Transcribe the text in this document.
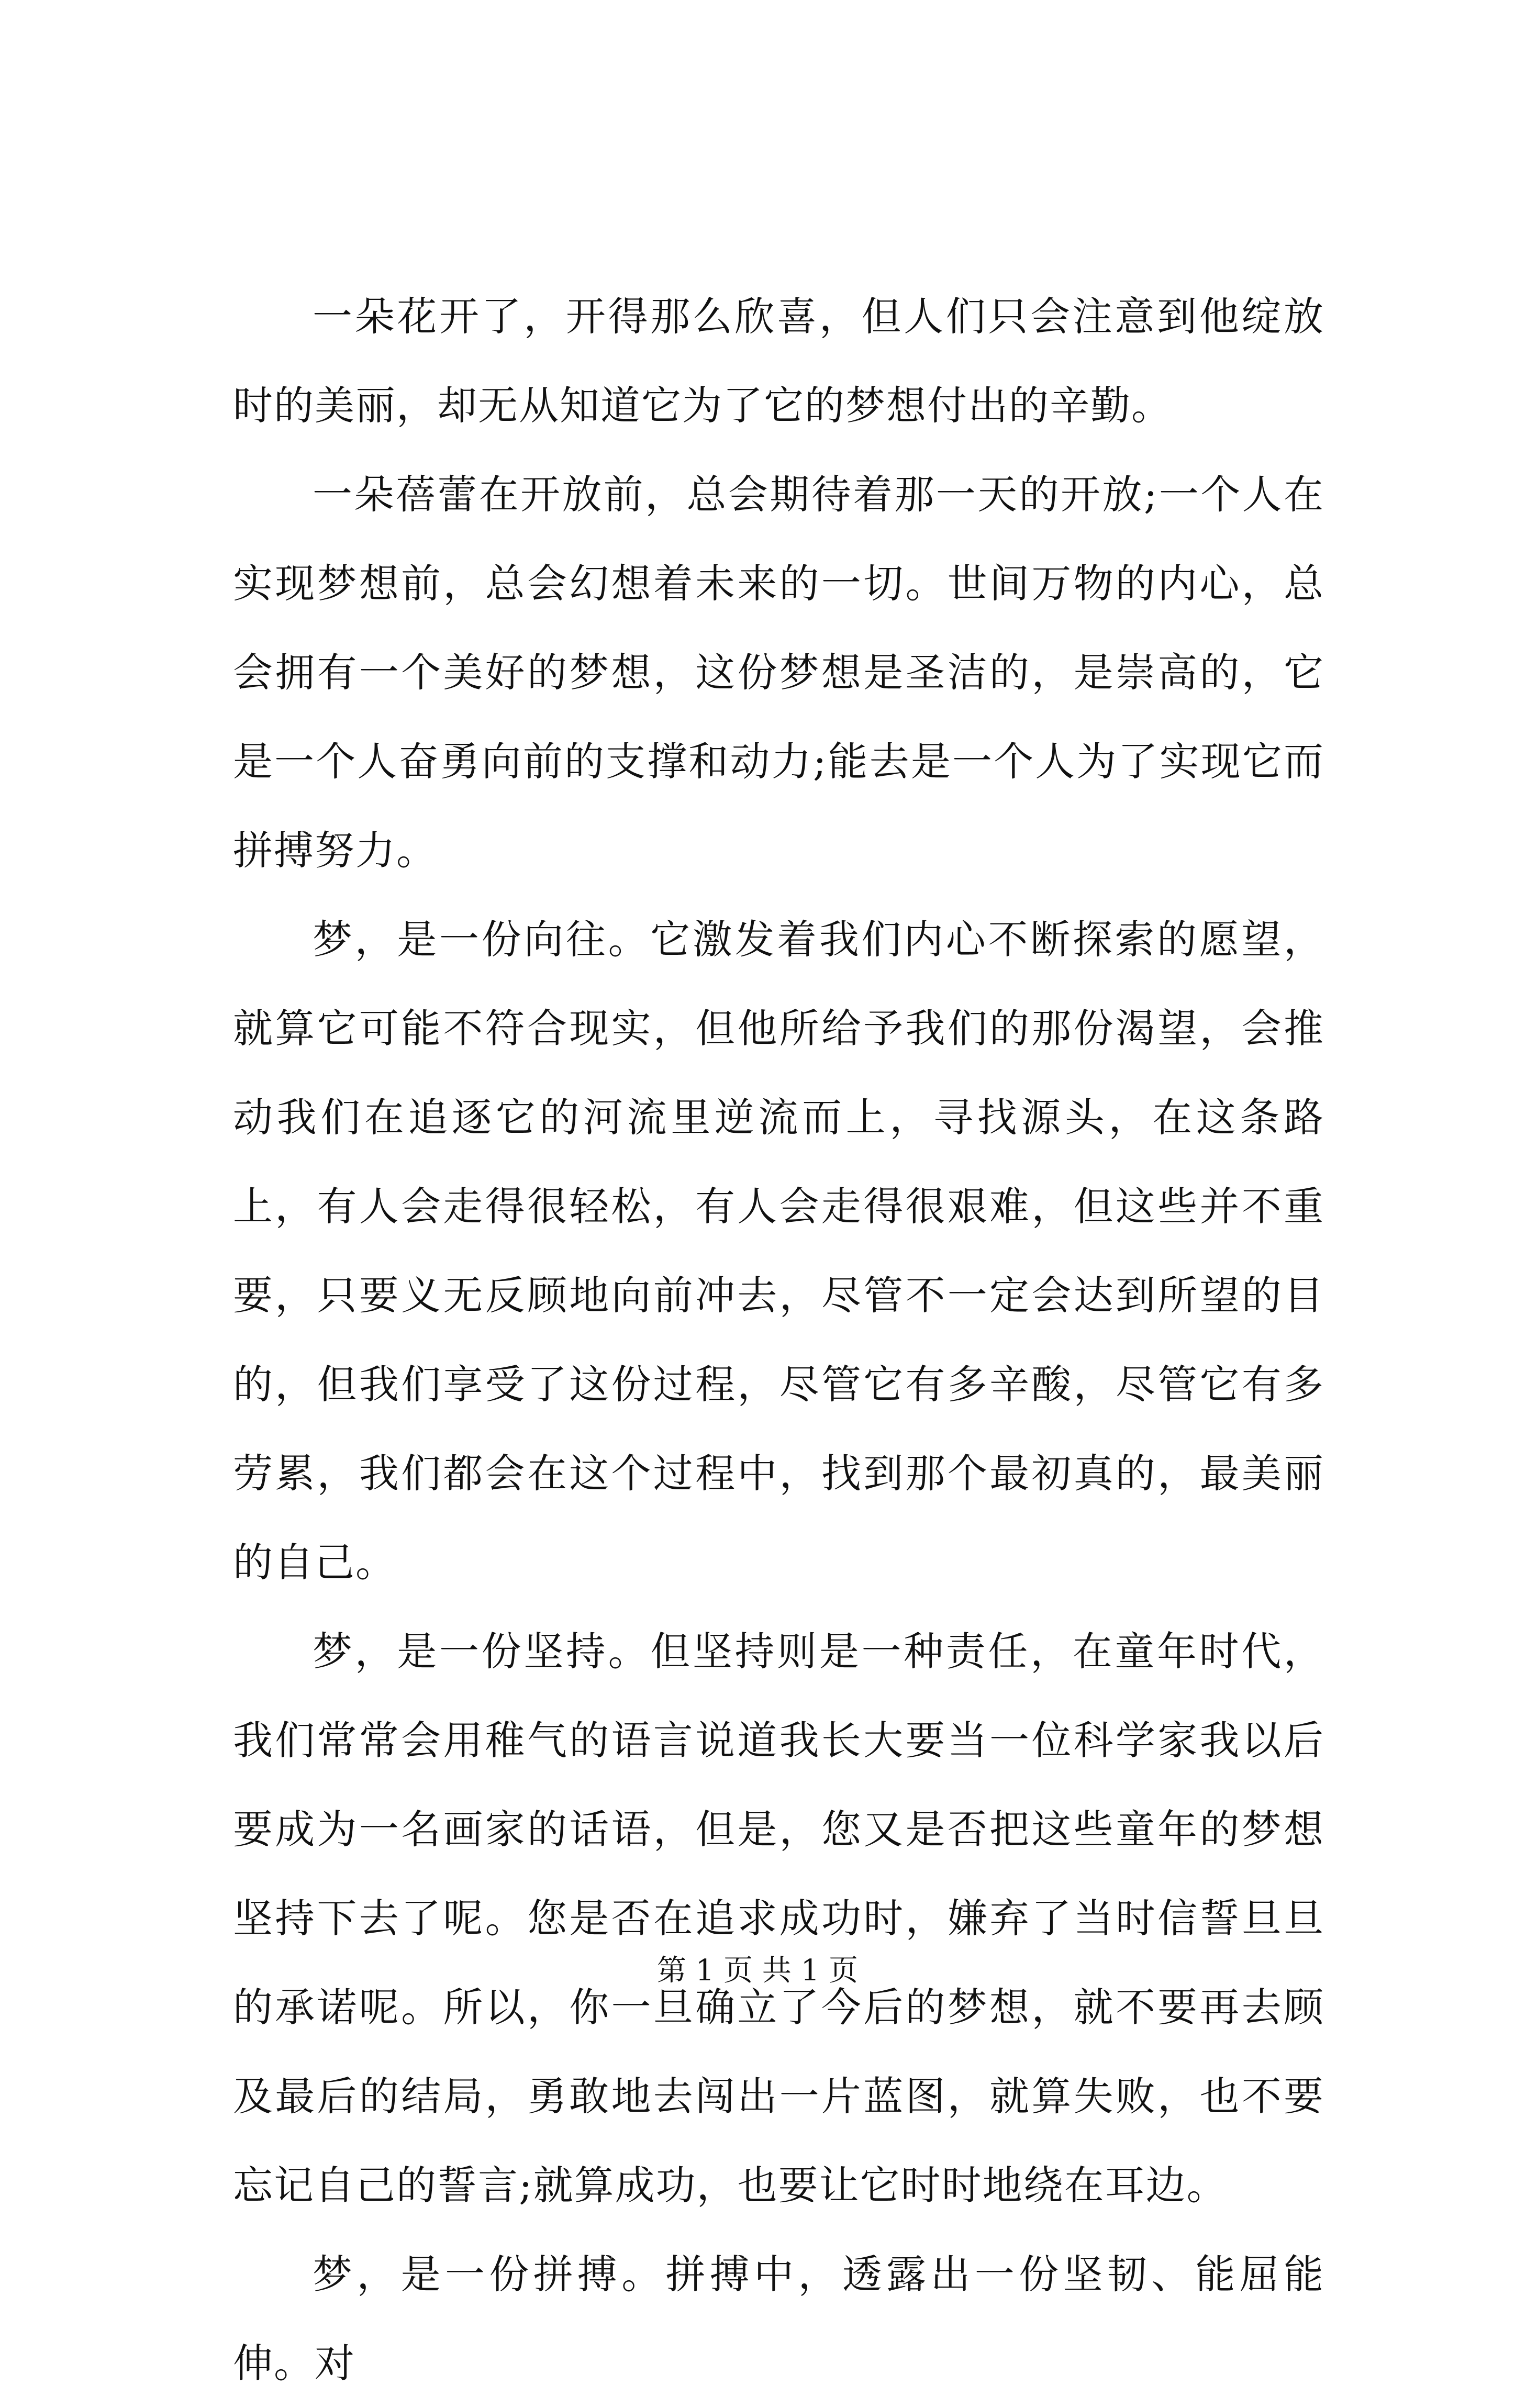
一朵花开了，开得那么欣喜，但人们只会注意到他绽放时的美丽，却无从知道它为了它的梦想付出的辛勤。

一朵蓓蕾在开放前，总会期待着那一天的开放;一个人在实现梦想前，总会幻想着未来的一切。世间万物的内心，总会拥有一个美好的梦想，这份梦想是圣洁的，是崇高的，它是一个人奋勇向前的支撑和动力;能去是一个人为了实现它而拼搏努力。

梦，是一份向往。它激发着我们内心不断探索的愿望，就算它可能不符合现实，但他所给予我们的那份渴望，会推动我们在追逐它的河流里逆流而上，寻找源头，在这条路上，有人会走得很轻松，有人会走得很艰难，但这些并不重要，只要义无反顾地向前冲去，尽管不一定会达到所望的目的，但我们享受了这份过程，尽管它有多辛酸，尽管它有多劳累，我们都会在这个过程中，找到那个最初真的，最美丽的自己。

梦，是一份坚持。但坚持则是一种责任，在童年时代，我们常常会用稚气的语言说道我长大要当一位科学家我以后要成为一名画家的话语，但是，您又是否把这些童年的梦想坚持下去了呢。您是否在追求成功时，嫌弃了当时信誓旦旦的承诺呢。所以，你一旦确立了今后的梦想，就不要再去顾及最后的结局，勇敢地去闯出一片蓝图，就算失败，也不要忘记自己的誓言;就算成功，也要让它时时地绕在耳边。

梦，是一份拼搏。拼搏中，透露出一份坚韧、能屈能伸。对

第 1 页 共 1 页
